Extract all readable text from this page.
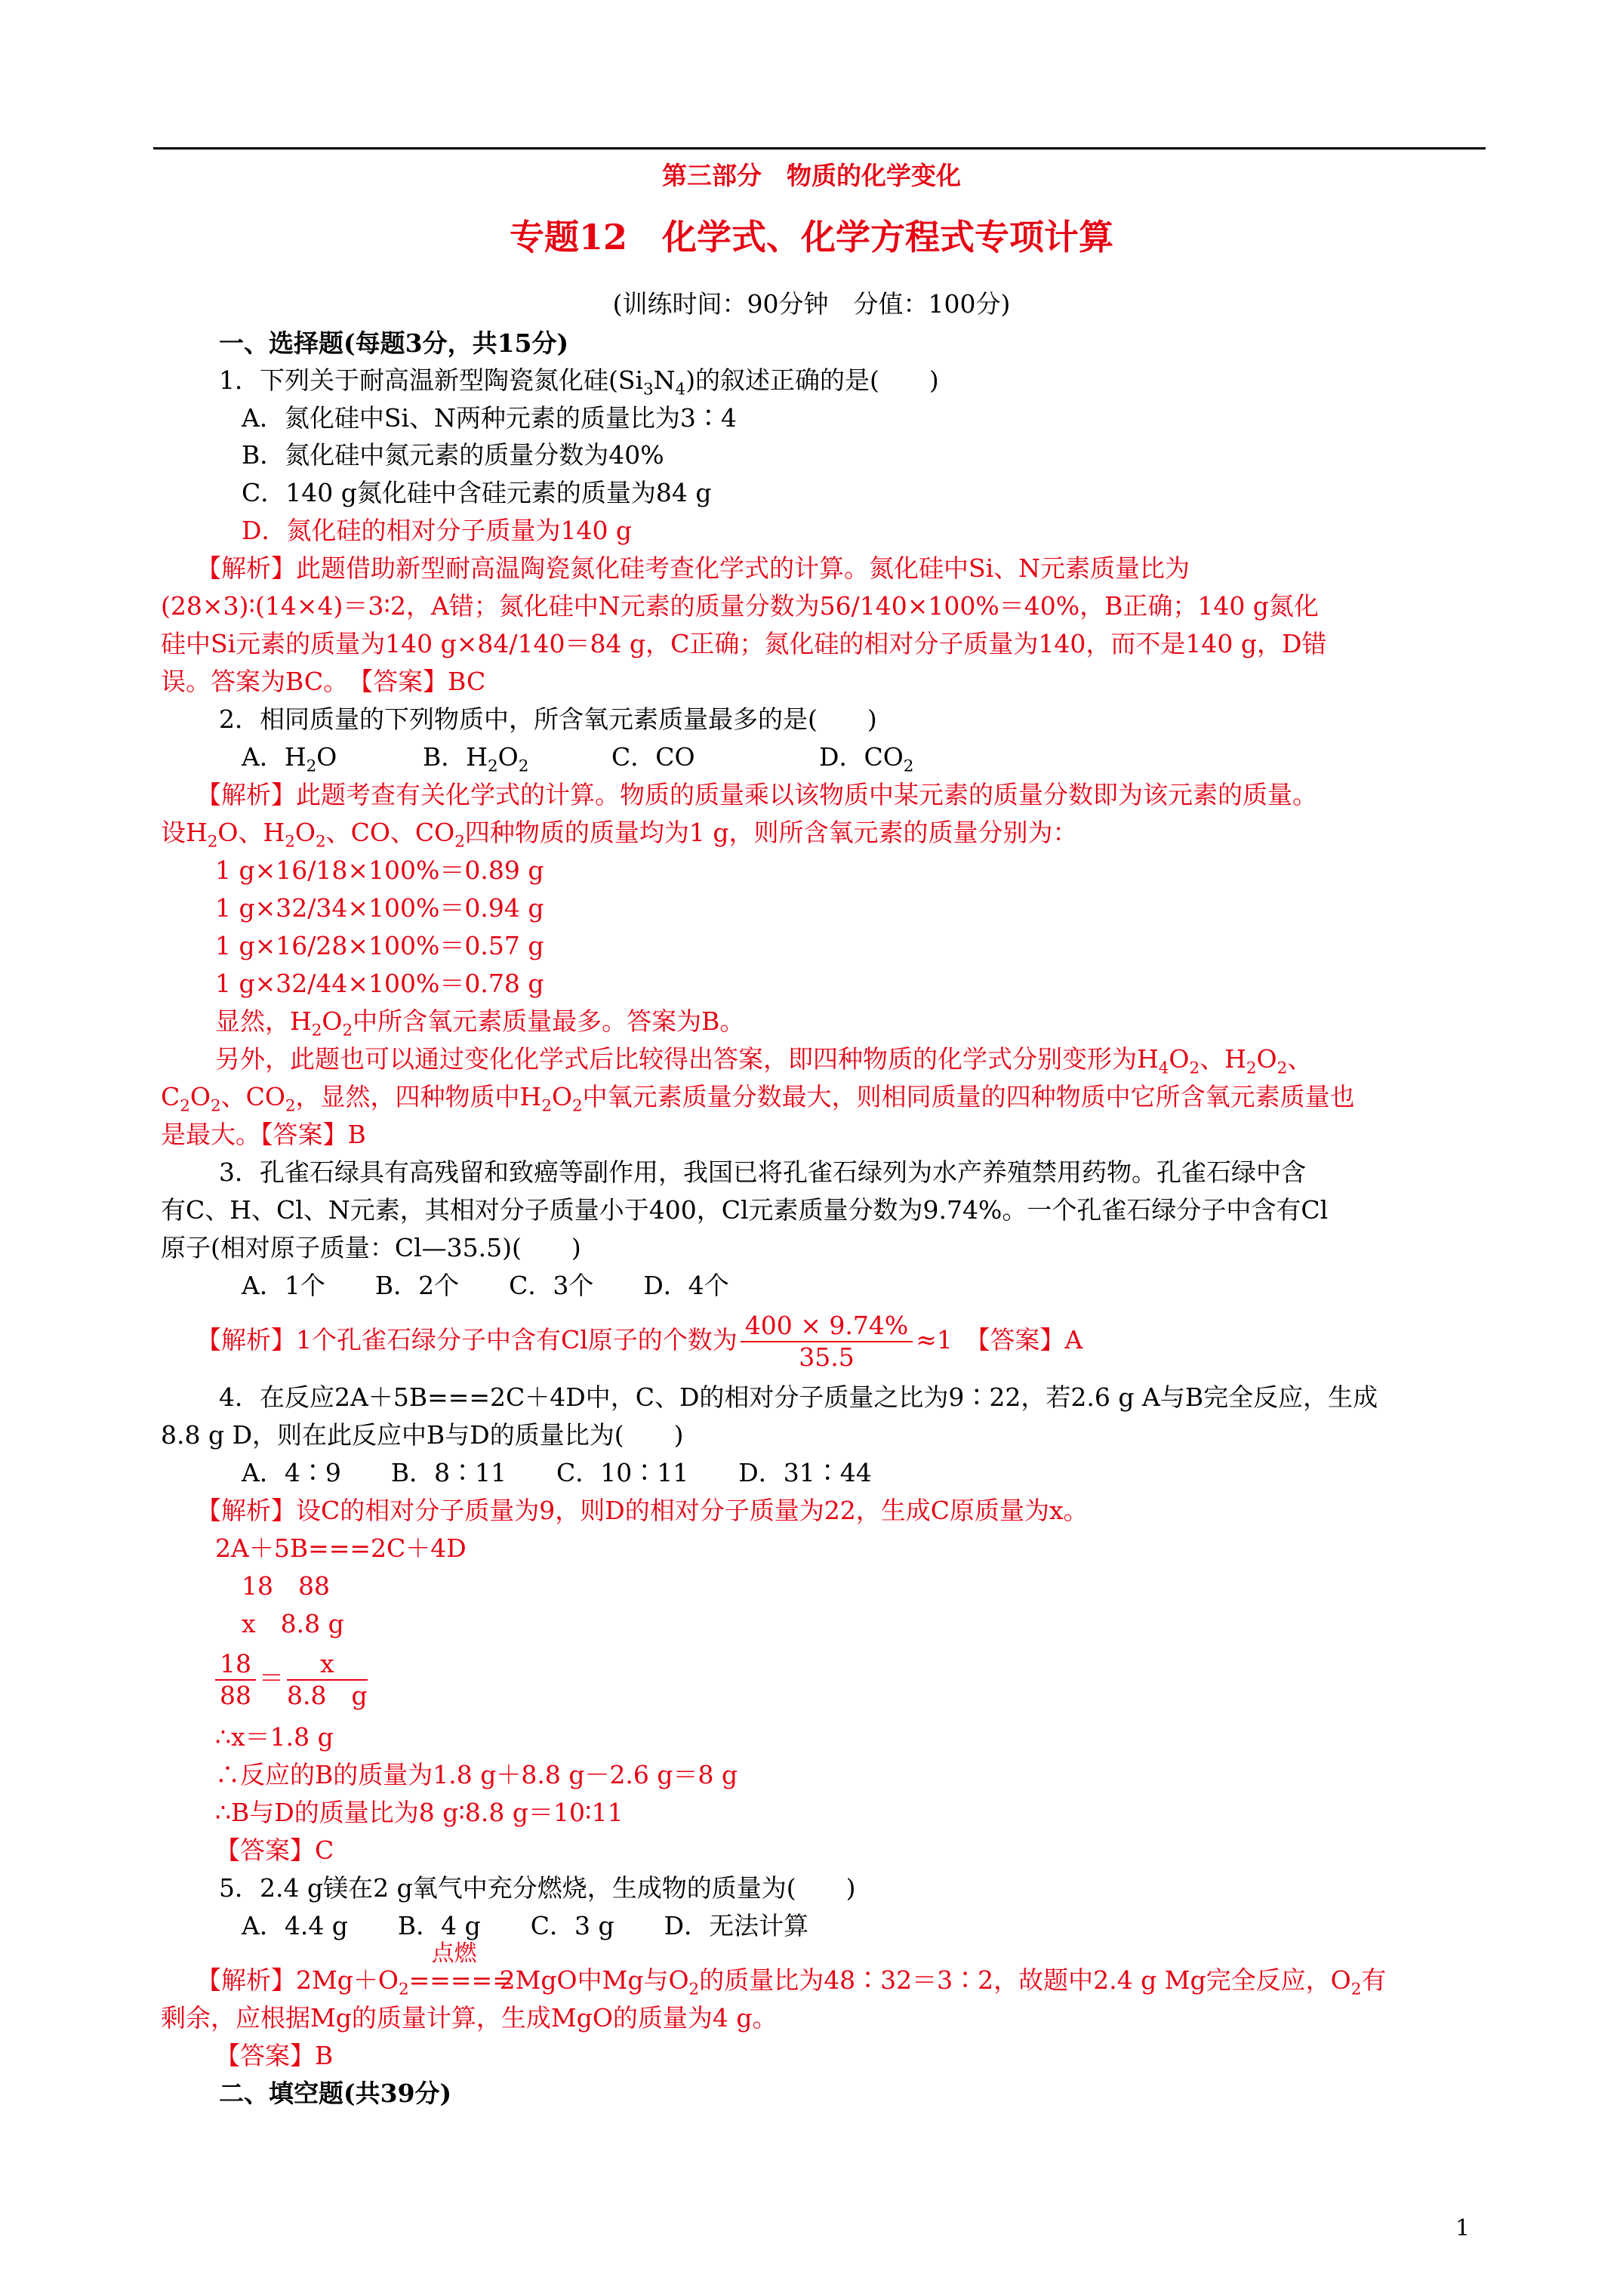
第三部分　物质的化学变化
专题12　化学式、化学方程式专项计算
(训练时间：90分钟　分值：100分)
一、选择题(每题3分，共15分)
1．下列关于耐高温新型陶瓷氮化硅$(Si_3N_4)$的叙述正确的是(　　)
A．氮化硅中Si、N两种元素的质量比为3∶4
B．氮化硅中氮元素的质量分数为40%
C．140 g氮化硅中含硅元素的质量为84 g
D．氮化硅的相对分子质量为140 g
【解析】此题借助新型耐高温陶瓷氮化硅考查化学式的计算。氮化硅中Si、N元素质量比为
(28×3)∶(14×4)＝3∶2，A错；氮化硅中N元素的质量分数为56/140×100%＝40%，B正确；140 g氮化
硅中Si元素的质量为140 g×84/140＝84 g，C正确；氮化硅的相对分子质量为140，而不是140 g，D错
误。答案为BC。　【答案】BC
2．相同质量的下列物质中，所含氧元素质量最多的是(　　)
A．$H_2O$	B．$H_2O_2$	C．CO	D．$CO_2$
【解析】此题考查有关化学式的计算。物质的质量乘以该物质中某元素的质量分数即为该元素的质量。
设$H_2O$、$H_2O_2$、CO、$CO_2$四种物质的质量均为1 g，则所含氧元素的质量分别为：
1 g×16/18×100%＝0.89 g
1 g×32/34×100%＝0.94 g
1 g×16/28×100%＝0.57 g
1 g×32/44×100%＝0.78 g
显然，$H_2O_2$中所含氧元素质量最多。答案为B。
另外，此题也可以通过变化化学式后比较得出答案，即四种物质的化学式分别变形为$H_4O_2$、$H_2O_2$、
$C_2O_2$、$CO_2$，显然，四种物质中$H_2O_2$中氧元素质量分数最大，则相同质量的四种物质中它所含氧元素质量也
是最大。【答案】B
3．孔雀石绿具有高残留和致癌等副作用，我国已将孔雀石绿列为水产养殖禁用药物。孔雀石绿中含
有C、H、Cl、N元素，其相对分子质量小于400，Cl元素质量分数为9.74%。一个孔雀石绿分子中含有Cl
原子(相对原子质量：Cl—35.5)(　　)
A．1个　　B．2个　　C．3个　　D．4个
【解析】1个孔雀石绿分子中含有Cl原子的个数为 $\frac{400 \times 9.74\%}{35.5} \approx 1$　【答案】A
4．在反应2A＋5B===2C＋4D中，C、D的相对分子质量之比为9∶22，若2.6 g A与B完全反应，生成
8.8 g D，则在此反应中B与D的质量比为(　　)
A．4∶9　　B．8∶11　　C．10∶11　　D．31∶44
【解析】设C的相对分子质量为9，则D的相对分子质量为22，生成C原质量为x。
2A＋5B===2C＋4D
18　88
x　8.8 g
$\frac{18}{88} = \frac{x}{8.8 g}$
∴x＝1.8 g
∴反应的B的质量为1.8 g＋8.8 g－2.6 g＝8 g
∴B与D的质量比为8 g∶8.8 g＝10∶11
【答案】C
5．2.4 g镁在2 g氧气中充分燃烧，生成物的质量为(　　)
A．4.4 g　　B．4 g　　C．3 g　　D．无法计算
【解析】$2Mg+O_2$
点燃
=====
2MgO中Mg与$O_2$的质量比为48∶32＝3∶2，故题中2.4 g Mg完全反应，$O_2$有
剩余，应根据Mg的质量计算，生成MgO的质量为4 g。
【答案】B
二、填空题(共39分)
1
